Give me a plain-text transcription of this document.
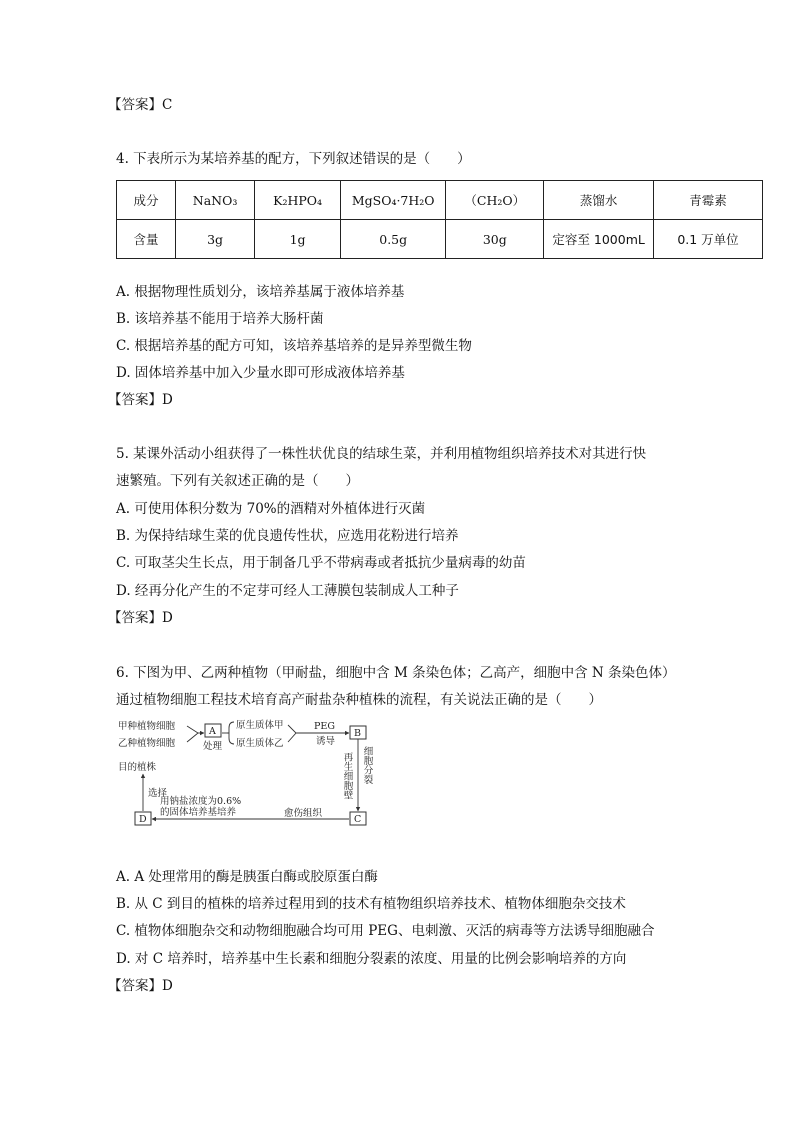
【答案】C
4. 下表所示为某培养基的配方，下列叙述错误的是（　　）
成分	NaNO₃	K₂HPO₄	MgSO₄·7H₂O	（CH₂O）	蒸馏水	青霉素
含量	3g	1g	0.5g	30g	定容至 1000mL	0.1 万单位
A. 根据物理性质划分，该培养基属于液体培养基
B. 该培养基不能用于培养大肠杆菌
C. 根据培养基的配方可知，该培养基培养的是异养型微生物
D. 固体培养基中加入少量水即可形成液体培养基
【答案】D
5. 某课外活动小组获得了一株性状优良的结球生菜，并利用植物组织培养技术对其进行快
速繁殖。下列有关叙述正确的是（　　）
A. 可使用体积分数为 70%的酒精对外植体进行灭菌
B. 为保持结球生菜的优良遗传性状，应选用花粉进行培养
C. 可取茎尖生长点，用于制备几乎不带病毒或者抵抗少量病毒的幼苗
D. 经再分化产生的不定芽可经人工薄膜包装制成人工种子
【答案】D
6. 下图为甲、乙两种植物（甲耐盐，细胞中含 M 条染色体；乙高产，细胞中含 N 条染色体）
通过植物细胞工程技术培育高产耐盐杂种植株的流程，有关说法正确的是（　　）
甲种植物细胞
乙种植物细胞
A
处理
原生质体甲
原生质体乙
PEG
诱导
B
再生细胞壁 细胞分裂
C
愈伤组织
用钠盐浓度为0.6%
的固体培养基培养
D
选择
目的植株
A. A 处理常用的酶是胰蛋白酶或胶原蛋白酶
B. 从 C 到目的植株的培养过程用到的技术有植物组织培养技术、植物体细胞杂交技术
C. 植物体细胞杂交和动物细胞融合均可用 PEG、电刺激、灭活的病毒等方法诱导细胞融合
D. 对 C 培养时，培养基中生长素和细胞分裂素的浓度、用量的比例会影响培养的方向
【答案】D
